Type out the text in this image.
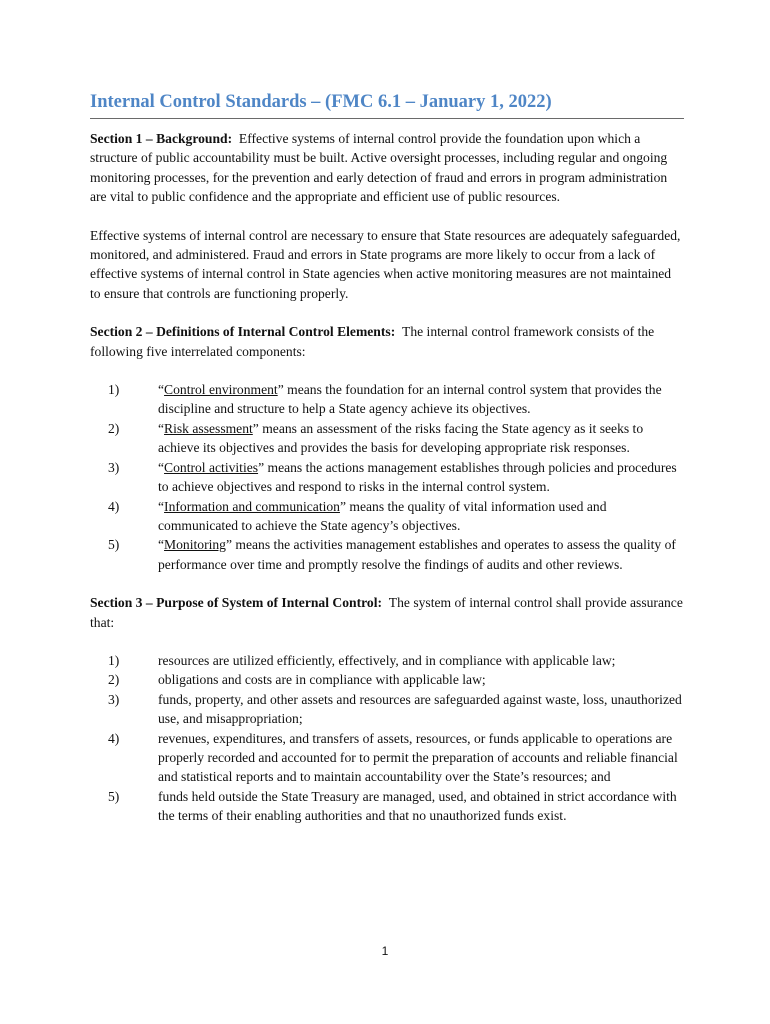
Internal Control Standards – (FMC 6.1 – January 1, 2022)

Section 1 – Background: Effective systems of internal control provide the foundation upon which a structure of public accountability must be built. Active oversight processes, including regular and ongoing monitoring processes, for the prevention and early detection of fraud and errors in program administration are vital to public confidence and the appropriate and efficient use of public resources.

Effective systems of internal control are necessary to ensure that State resources are adequately safeguarded, monitored, and administered. Fraud and errors in State programs are more likely to occur from a lack of effective systems of internal control in State agencies when active monitoring measures are not maintained to ensure that controls are functioning properly.

Section 2 – Definitions of Internal Control Elements: The internal control framework consists of the following five interrelated components:

1)	“Control environment” means the foundation for an internal control system that provides the discipline and structure to help a State agency achieve its objectives.
2)	“Risk assessment” means an assessment of the risks facing the State agency as it seeks to achieve its objectives and provides the basis for developing appropriate risk responses.
3)	“Control activities” means the actions management establishes through policies and procedures to achieve objectives and respond to risks in the internal control system.
4)	“Information and communication” means the quality of vital information used and communicated to achieve the State agency’s objectives.
5)	“Monitoring” means the activities management establishes and operates to assess the quality of performance over time and promptly resolve the findings of audits and other reviews.

Section 3 – Purpose of System of Internal Control: The system of internal control shall provide assurance that:

1)	resources are utilized efficiently, effectively, and in compliance with applicable law;
2)	obligations and costs are in compliance with applicable law;
3)	funds, property, and other assets and resources are safeguarded against waste, loss, unauthorized use, and misappropriation;
4)	revenues, expenditures, and transfers of assets, resources, or funds applicable to operations are properly recorded and accounted for to permit the preparation of accounts and reliable financial and statistical reports and to maintain accountability over the State’s resources; and
5)	funds held outside the State Treasury are managed, used, and obtained in strict accordance with the terms of their enabling authorities and that no unauthorized funds exist.
1
